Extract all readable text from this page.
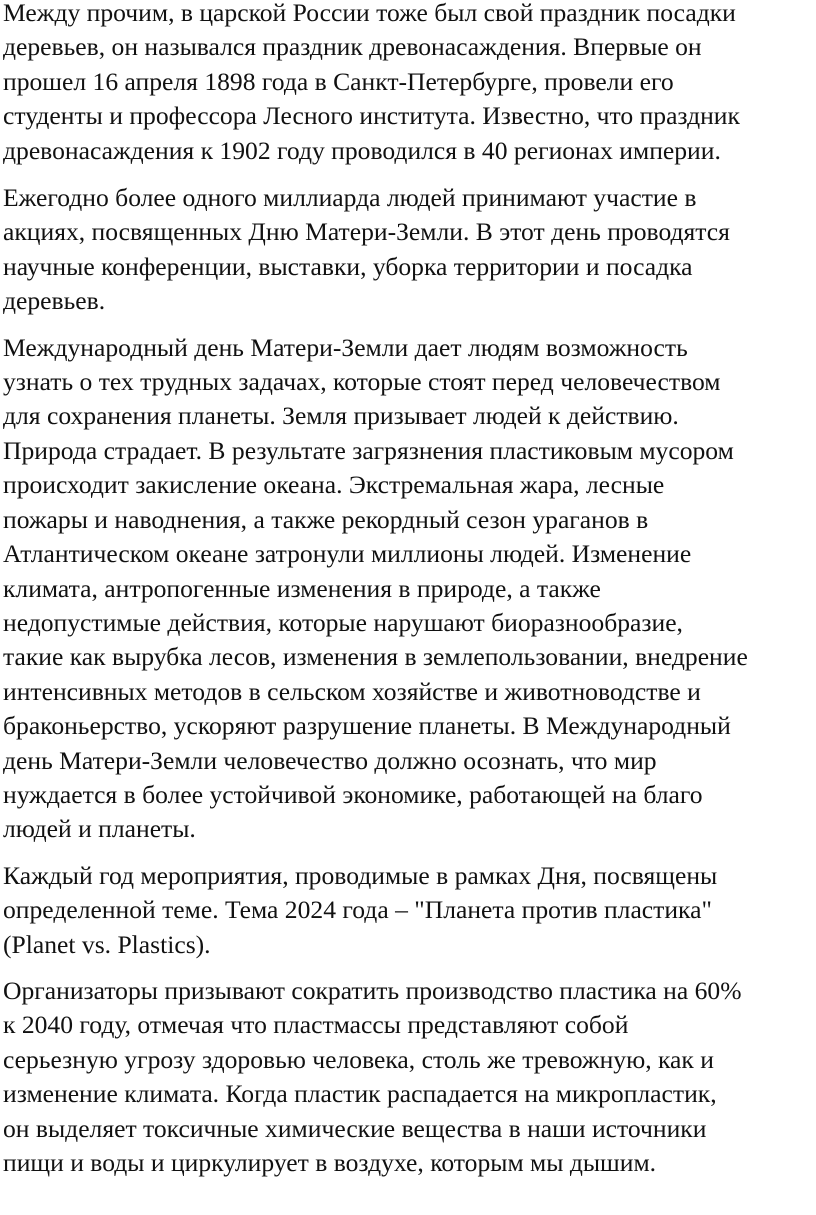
Между прочим, в царской России тоже был свой праздник посадки
деревьев, он назывался праздник древонасаждения. Впервые он
прошел 16 апреля 1898 года в Санкт-Петербурге, провели его
студенты и профессора Лесного института. Известно, что праздник
древонасаждения к 1902 году проводился в 40 регионах империи.

Ежегодно более одного миллиарда людей принимают участие в
акциях, посвященных Дню Матери-Земли. В этот день проводятся
научные конференции, выставки, уборка территории и посадка
деревьев.

Международный день Матери-Земли дает людям возможность
узнать о тех трудных задачах, которые стоят перед человечеством
для сохранения планеты. Земля призывает людей к действию.
Природа страдает. В результате загрязнения пластиковым мусором
происходит закисление океана. Экстремальная жара, лесные
пожары и наводнения, а также рекордный сезон ураганов в
Атлантическом океане затронули миллионы людей. Изменение
климата, антропогенные изменения в природе, а также
недопустимые действия, которые нарушают биоразнообразие,
такие как вырубка лесов, изменения в землепользовании, внедрение
интенсивных методов в сельском хозяйстве и животноводстве и
браконьерство, ускоряют разрушение планеты. В Международный
день Матери-Земли человечество должно осознать, что мир
нуждается в более устойчивой экономике, работающей на благо
людей и планеты.

Каждый год мероприятия, проводимые в рамках Дня, посвящены
определенной теме. Тема 2024 года – "Планета против пластика"
(Planet vs. Plastics).

Организаторы призывают сократить производство пластика на 60%
к 2040 году, отмечая что пластмассы представляют собой
серьезную угрозу здоровью человека, столь же тревожную, как и
изменение климата. Когда пластик распадается на микропластик,
он выделяет токсичные химические вещества в наши источники
пищи и воды и циркулирует в воздухе, которым мы дышим.
